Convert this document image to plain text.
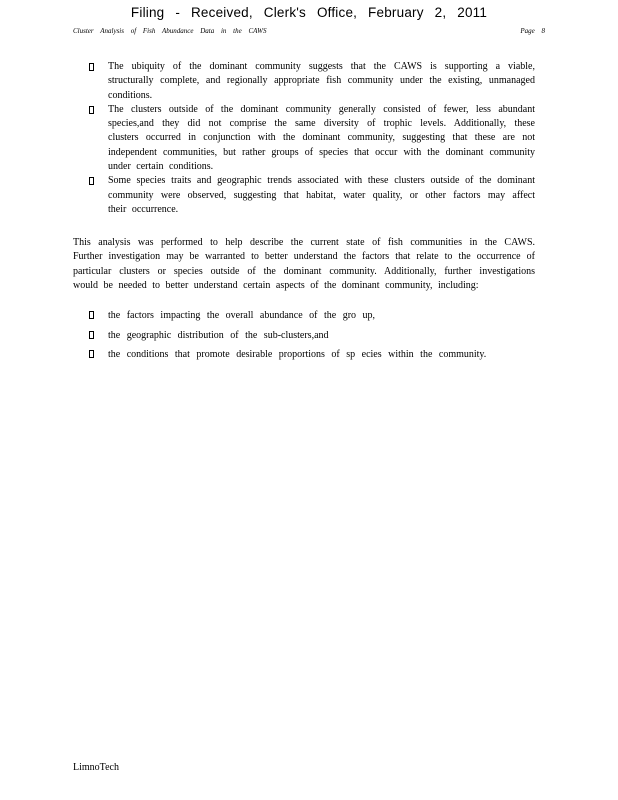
Filing - Received, Clerk's Office, February 2, 2011
Cluster Analysis of Fish Abundance Data in the CAWS	Page 8
The ubiquity of the dominant community suggests that the CAWS is supporting a viable, structurally complete, and regionally appropriate fish community under the existing, unmanaged conditions.
The clusters outside of the dominant community generally consisted of fewer, less abundant species,and they did not comprise the same diversity of trophic levels. Additionally, these clusters occurred in conjunction with the dominant community, suggesting that these are not independent communities, but rather groups of species that occur with the dominant community under certain conditions.
Some species traits and geographic trends associated with these clusters outside of the dominant community were observed, suggesting that habitat, water quality, or other factors may affect their occurrence.

This analysis was performed to help describe the current state of fish communities in the CAWS. Further investigation may be warranted to better understand the factors that relate to the occurrence of particular clusters or species outside of the dominant community. Additionally, further investigations would be needed to better understand certain aspects of the dominant community, including:

the factors impacting the overall abundance of the gro up,
the geographic distribution of the sub-clusters,and
the conditions that promote desirable proportions of sp ecies within the community.
LimnoTech
